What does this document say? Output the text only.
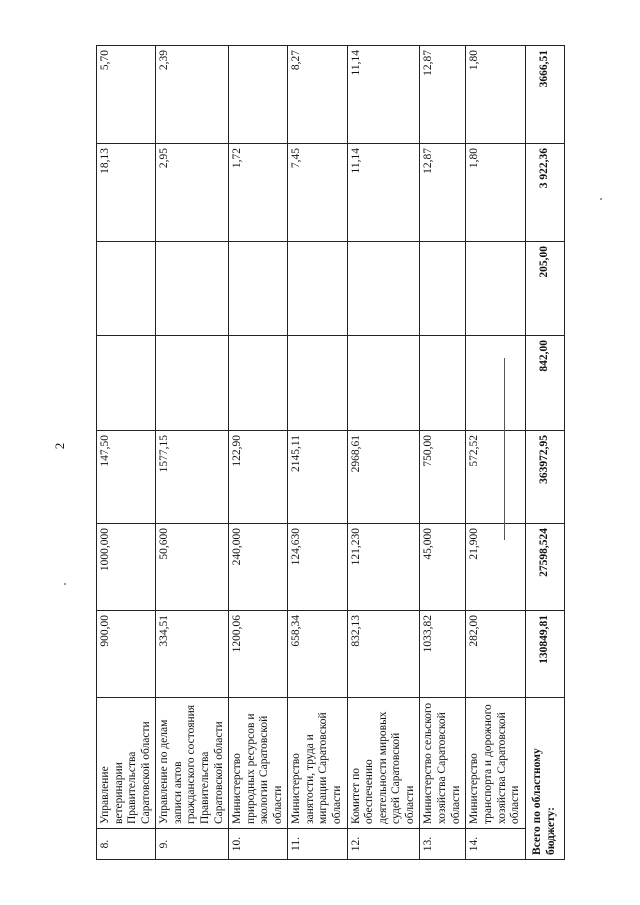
2
8.	Управление ветеринарии Правительства Саратовской области	900,00	1000,000	147,50			18,13	5,70
9.	Управление по делам записи актов гражданского состояния Правительства Саратовской области	334,51	50,600	1577,15			2,95	2,39
10.	Министерство природных ресурсов и экологии Саратовской области	1200,06	240,000	122,90			1,72	
11.	Министерство занятости, труда и миграции Саратовской области	658,34	124,630	2145,11			7,45	8,27
12.	Комитет по обеспечению деятельности мировых судей Саратовской области	832,13	121,230	2968,61			11,14	11,14
13.	Министерство сельского хозяйства Саратовской области	1033,82	45,000	750,00			12,87	12,87
14.	Министерство транспорта и дорожного хозяйства Саратовской области	282,00	21,900	572,52			1,80	1,80
Всего по областному бюджету:		130849,81	27598,524	363972,95	842,00	205,00	3 922,36	3666,51
